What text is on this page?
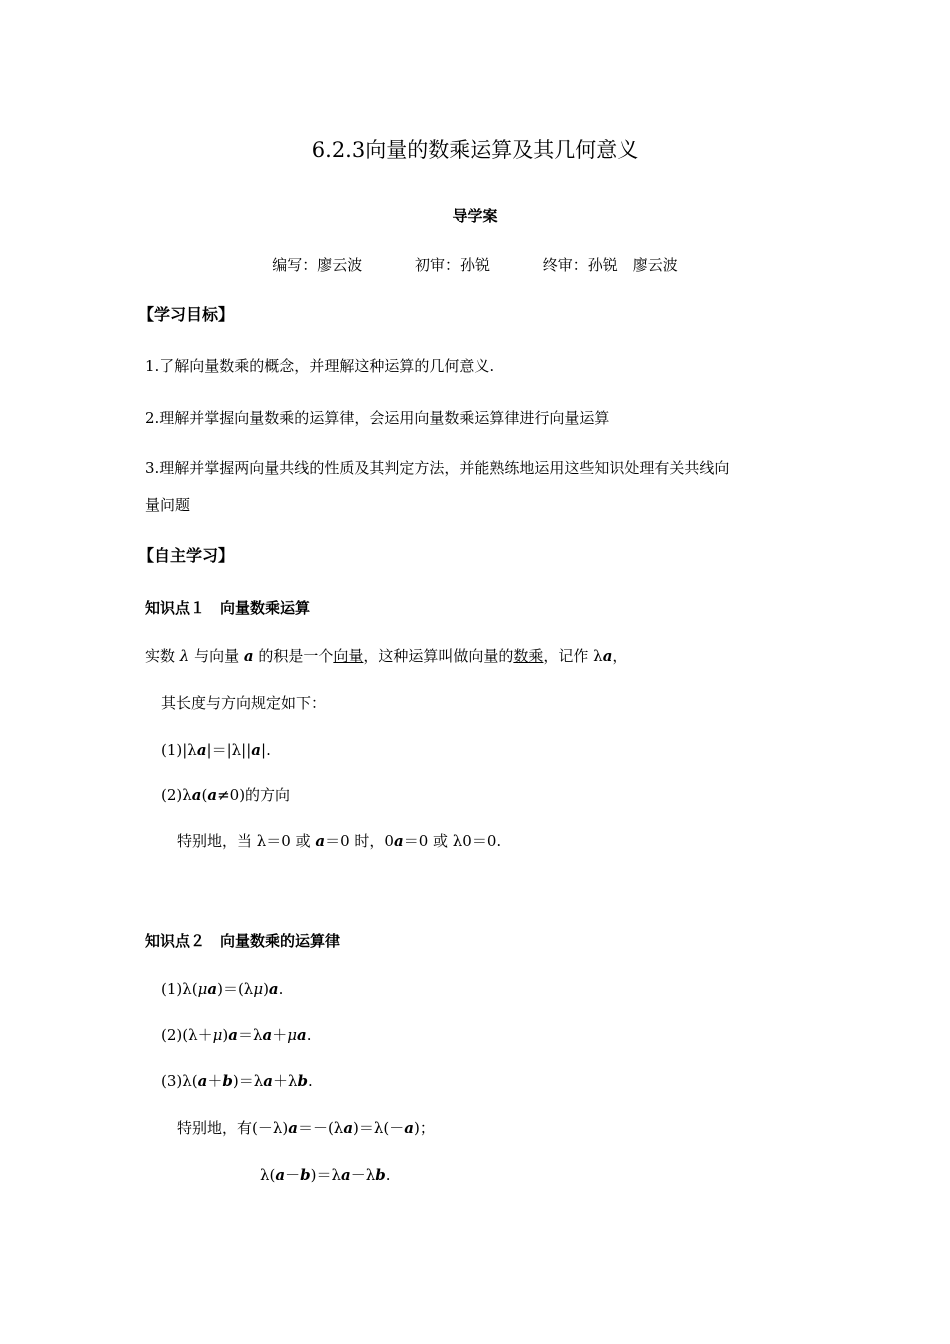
6.2.3向量的数乘运算及其几何意义
导学案
编写：廖云波	初审：孙锐	终审：孙锐　廖云波
【学习目标】
1.了解向量数乘的概念，并理解这种运算的几何意义.
2.理解并掌握向量数乘的运算律，会运用向量数乘运算律进行向量运算
3.理解并掌握两向量共线的性质及其判定方法，并能熟练地运用这些知识处理有关共线向
量问题
【自主学习】
知识点１　向量数乘运算
实数 λ 与向量 a 的积是一个向量，这种运算叫做向量的数乘，记作 λa，
其长度与方向规定如下：
(1)|λa|＝|λ||a|.
(2)λa(a≠0)的方向
特别地，当 λ＝0 或 a＝0 时，0a＝0 或 λ0＝0.
知识点２　向量数乘的运算律
(1)λ(μa)＝(λμ)a.
(2)(λ＋μ)a＝λa＋μa.
(3)λ(a＋b)＝λa＋λb.
特别地，有(－λ)a＝－(λa)＝λ(－a)；
λ(a－b)＝λa－λb.
